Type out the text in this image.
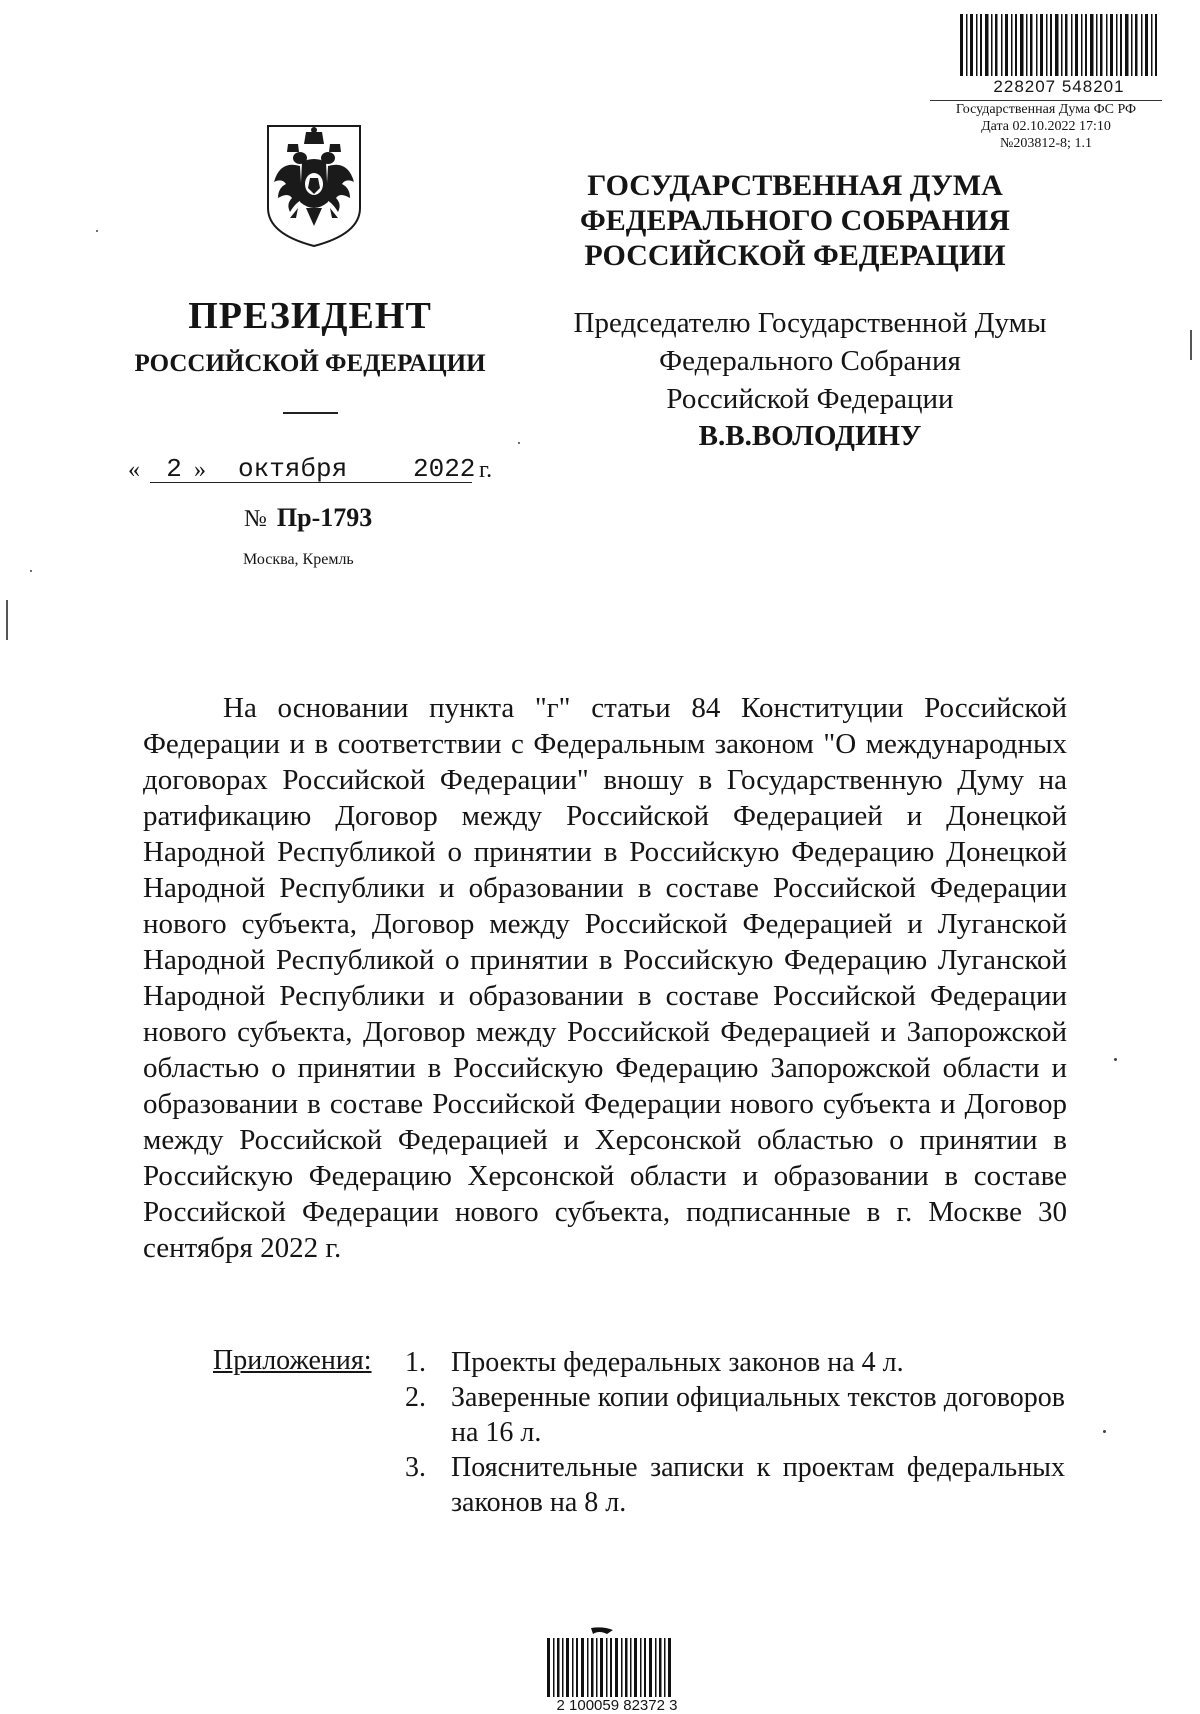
228207 548201
Государственная Дума ФС РФ
Дата 02.10.2022 17:10
№203812-8; 1.1
ПРЕЗИДЕНТ
РОССИЙСКОЙ ФЕДЕРАЦИИ
«	2 » октября	2022 г.
№ Пр-1793
Москва, Кремль
ГОСУДАРСТВЕННАЯ ДУМА
ФЕДЕРАЛЬНОГО СОБРАНИЯ
РОССИЙСКОЙ ФЕДЕРАЦИИ
Председателю Государственной Думы
Федерального Собрания
Российской Федерации
В.В.ВОЛОДИНУ

На основании пункта "г" статьи 84 Конституции Российской Федерации и в соответствии с Федеральным законом "О международных договорах Российской Федерации" вношу в Государственную Думу на ратификацию Договор между Российской Федерацией и Донецкой Народной Республикой о принятии в Российскую Федерацию Донецкой Народной Республики и образовании в составе Российской Федерации нового субъекта, Договор между Российской Федерацией и Луганской Народной Республикой о принятии в Российскую Федерацию Луганской Народной Республики и образовании в составе Российской Федерации нового субъекта, Договор между Российской Федерацией и Запорожской областью о принятии в Российскую Федерацию Запорожской области и образовании в составе Российской Федерации нового субъекта и Договор между Российской Федерацией и Херсонской областью о принятии в Российскую Федерацию Херсонской области и образовании в составе Российской Федерации нового субъекта, подписанные в г. Москве 30 сентября 2022 г.

Приложения: 1. Проекты федеральных законов на 4 л.
2. Заверенные копии официальных текстов договоров на 16 л.
3. Пояснительные записки к проектам федеральных законов на 8 л.
2 100059 82372 3
